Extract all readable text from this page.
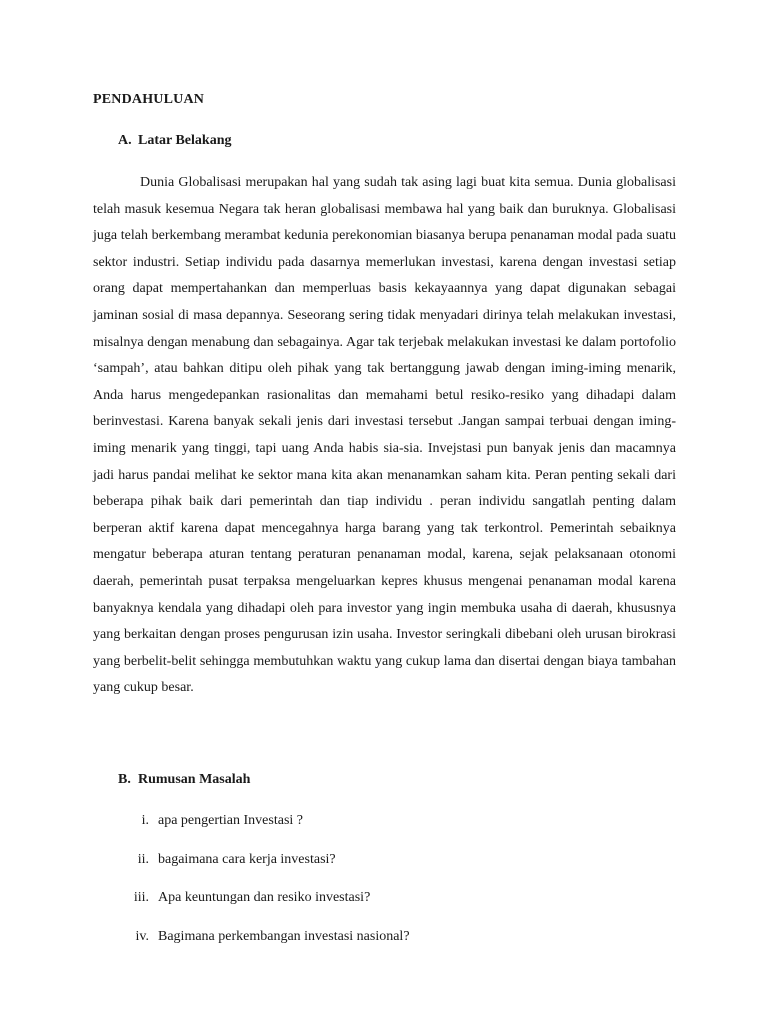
PENDAHULUAN
A. Latar Belakang

Dunia Globalisasi merupakan hal yang sudah tak asing lagi buat kita semua. Dunia globalisasi telah masuk kesemua Negara tak heran globalisasi membawa hal yang baik dan buruknya. Globalisasi juga telah berkembang merambat kedunia perekonomian biasanya berupa penanaman modal pada suatu sektor industri. Setiap individu pada dasarnya memerlukan investasi, karena dengan investasi setiap orang dapat mempertahankan dan memperluas basis kekayaannya yang dapat digunakan sebagai jaminan sosial di masa depannya. Seseorang sering tidak menyadari dirinya telah melakukan investasi, misalnya dengan menabung dan sebagainya. Agar tak terjebak melakukan investasi ke dalam portofolio ‘sampah’, atau bahkan ditipu oleh pihak yang tak bertanggung jawab dengan iming-iming menarik, Anda harus mengedepankan rasionalitas dan memahami betul resiko-resiko yang dihadapi dalam berinvestasi. Karena banyak sekali jenis dari investasi tersebut .Jangan sampai terbuai dengan iming-iming menarik yang tinggi, tapi uang Anda habis sia-sia. Invejstasi pun banyak jenis dan macamnya jadi harus pandai melihat ke sektor mana kita akan menanamkan saham kita. Peran penting sekali dari beberapa pihak baik dari pemerintah dan tiap individu . peran individu sangatlah penting dalam berperan aktif karena dapat mencegahnya harga barang yang tak terkontrol. Pemerintah sebaiknya mengatur beberapa aturan tentang peraturan penanaman modal, karena, sejak pelaksanaan otonomi daerah, pemerintah pusat terpaksa mengeluarkan kepres khusus mengenai penanaman modal karena banyaknya kendala yang dihadapi oleh para investor yang ingin membuka usaha di daerah, khususnya yang berkaitan dengan proses pengurusan izin usaha. Investor seringkali dibebani oleh urusan birokrasi yang berbelit-belit sehingga membutuhkan waktu yang cukup lama dan disertai dengan biaya tambahan yang cukup besar.

B. Rumusan Masalah
i. apa pengertian Investasi ?
ii. bagaimana cara kerja investasi?
iii. Apa keuntungan dan resiko investasi?
iv. Bagimana perkembangan investasi nasional?
